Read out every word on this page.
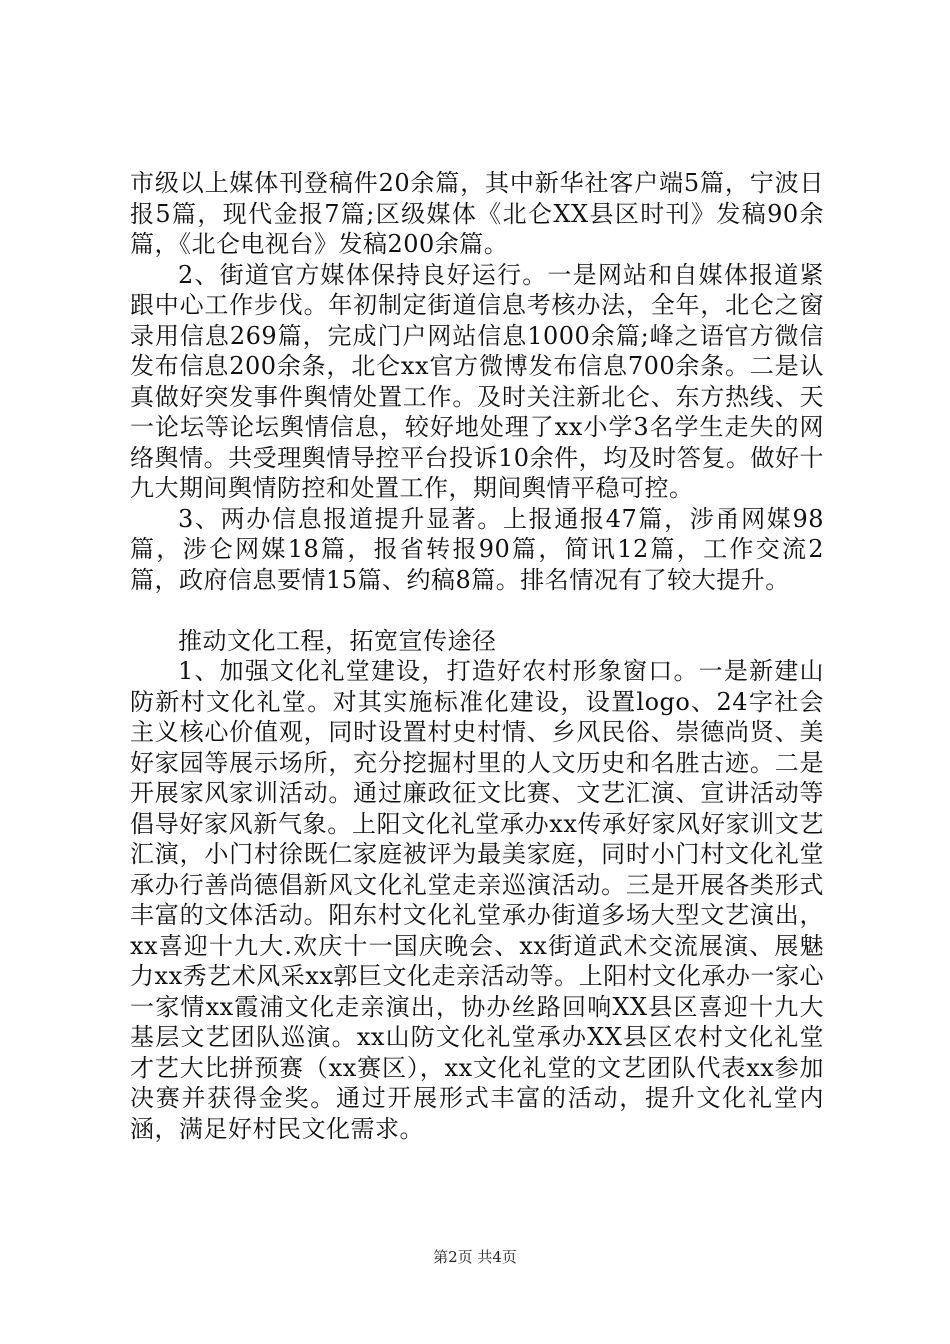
市级以上媒体刊登稿件20余篇，其中新华社客户端5篇，宁波日报5篇，现代金报7篇;区级媒体《北仑XX县区时刊》发稿90余篇，《北仑电视台》发稿200余篇。

2、街道官方媒体保持良好运行。一是网站和自媒体报道紧跟中心工作步伐。年初制定街道信息考核办法，全年，北仑之窗录用信息269篇，完成门户网站信息1000余篇;峰之语官方微信发布信息200余条，北仑xx官方微博发布信息700余条。二是认真做好突发事件舆情处置工作。及时关注新北仑、东方热线、天一论坛等论坛舆情信息，较好地处理了xx小学3名学生走失的网络舆情。共受理舆情导控平台投诉10余件，均及时答复。做好十九大期间舆情防控和处置工作，期间舆情平稳可控。

3、两办信息报道提升显著。上报通报47篇，涉甬网媒98篇，涉仑网媒18篇，报省转报90篇，简讯12篇，工作交流2篇，政府信息要情15篇、约稿8篇。排名情况有了较大提升。

推动文化工程，拓宽宣传途径

1、加强文化礼堂建设，打造好农村形象窗口。一是新建山防新村文化礼堂。对其实施标准化建设，设置logo、24字社会主义核心价值观，同时设置村史村情、乡风民俗、崇德尚贤、美好家园等展示场所，充分挖掘村里的人文历史和名胜古迹。二是开展家风家训活动。通过廉政征文比赛、文艺汇演、宣讲活动等倡导好家风新气象。上阳文化礼堂承办xx传承好家风好家训文艺汇演，小门村徐既仁家庭被评为最美家庭，同时小门村文化礼堂承办行善尚德倡新风文化礼堂走亲巡演活动。三是开展各类形式丰富的文体活动。阳东村文化礼堂承办街道多场大型文艺演出，xx喜迎十九大.欢庆十一国庆晚会、xx街道武术交流展演、展魅力xx秀艺术风采xx郭巨文化走亲活动等。上阳村文化承办一家心一家情xx霞浦文化走亲演出，协办丝路回响XX县区喜迎十九大基层文艺团队巡演。xx山防文化礼堂承办XX县区农村文化礼堂才艺大比拼预赛（xx赛区），xx文化礼堂的文艺团队代表xx参加决赛并获得金奖。通过开展形式丰富的活动，提升文化礼堂内涵，满足好村民文化需求。

第2页 共4页
